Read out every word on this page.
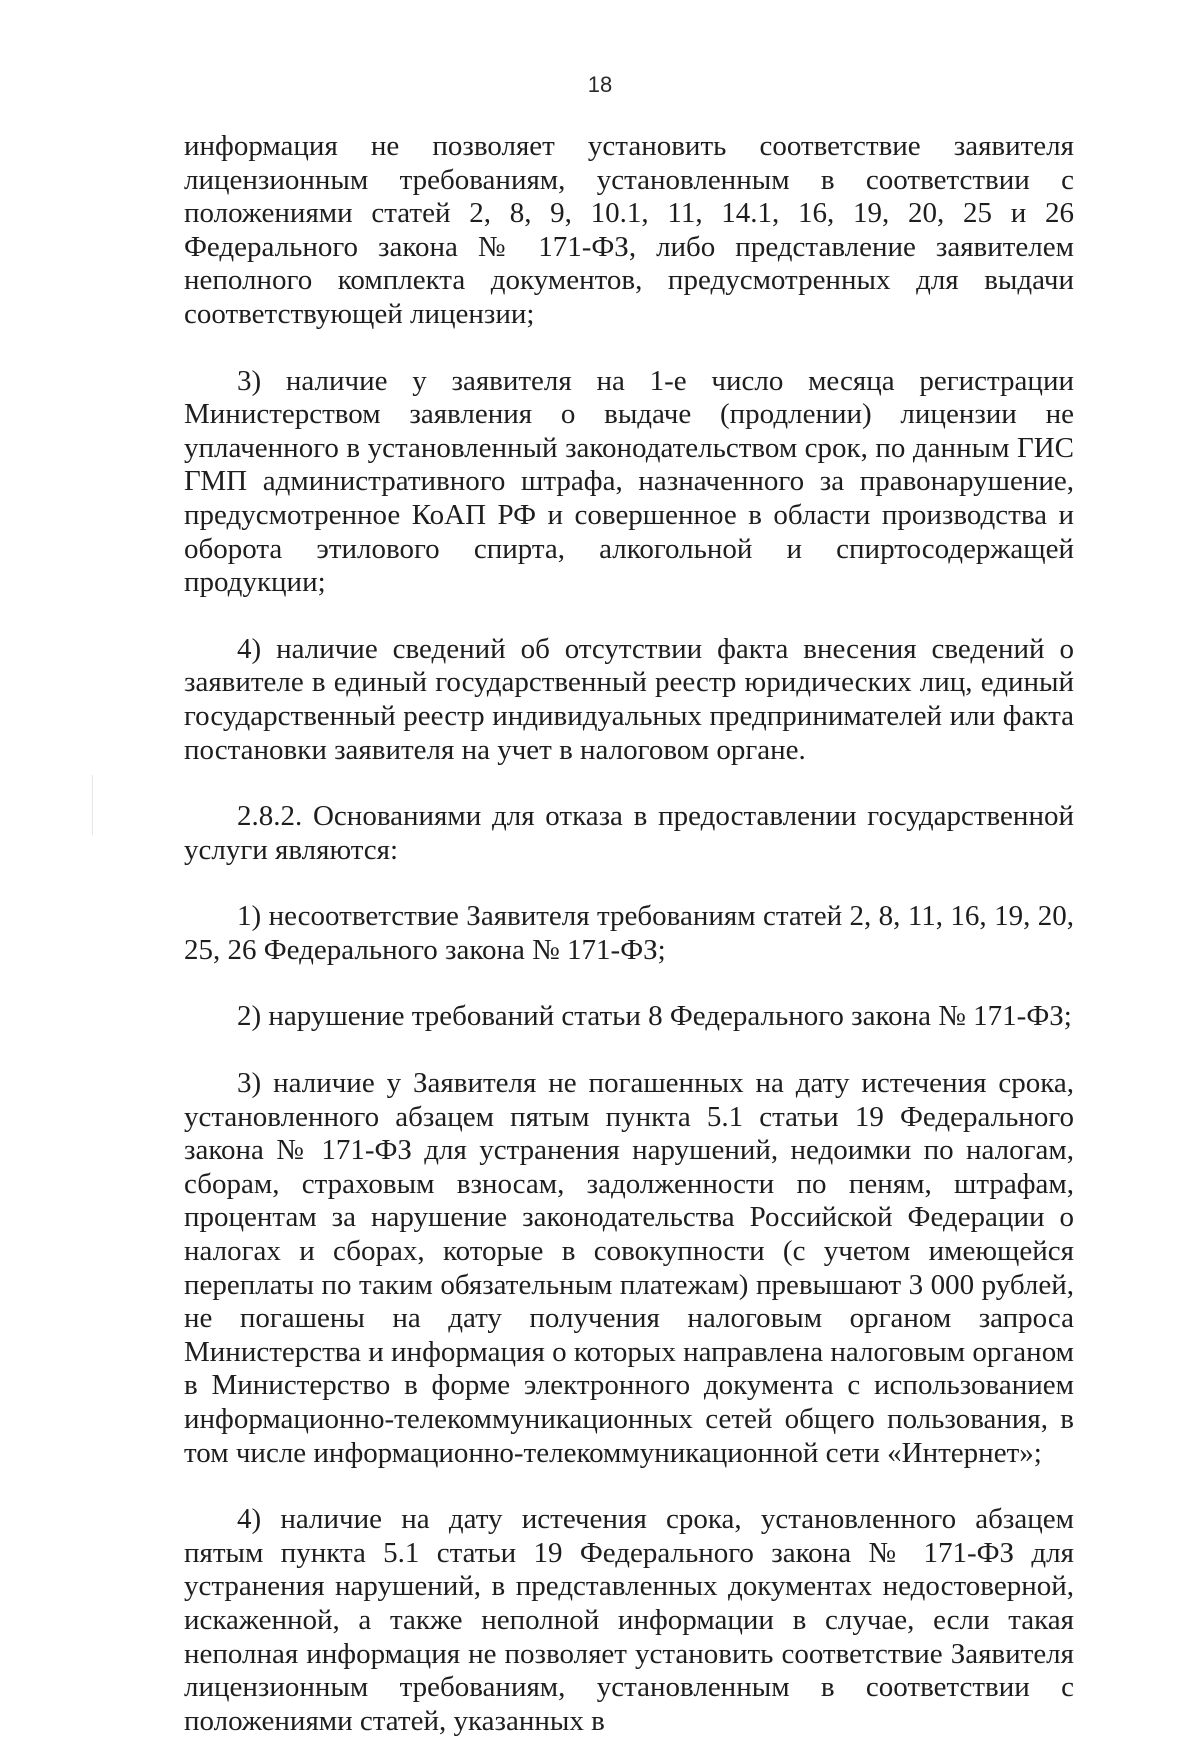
18

информация не позволяет установить соответствие заявителя лицензионным требованиям, установленным в соответствии с положениями статей 2, 8, 9, 10.1, 11, 14.1, 16, 19, 20, 25 и 26 Федерального закона № 171-ФЗ, либо представление заявителем неполного комплекта документов, предусмотренных для выдачи соответствующей лицензии;

3) наличие у заявителя на 1-е число месяца регистрации Министерством заявления о выдаче (продлении) лицензии не уплаченного в установленный законодательством срок, по данным ГИС ГМП административного штрафа, назначенного за правонарушение, предусмотренное КоАП РФ и совершенное в области производства и оборота этилового спирта, алкогольной и спиртосодержащей продукции;

4) наличие сведений об отсутствии факта внесения сведений о заявителе в единый государственный реестр юридических лиц, единый государственный реестр индивидуальных предпринимателей или факта постановки заявителя на учет в налоговом органе.

2.8.2. Основаниями для отказа в предоставлении государственной услуги являются:

1) несоответствие Заявителя требованиям статей 2, 8, 11, 16, 19, 20, 25, 26 Федерального закона № 171-ФЗ;

2) нарушение требований статьи 8 Федерального закона № 171-ФЗ;

3) наличие у Заявителя не погашенных на дату истечения срока, установленного абзацем пятым пункта 5.1 статьи 19 Федерального закона № 171-ФЗ для устранения нарушений, недоимки по налогам, сборам, страховым взносам, задолженности по пеням, штрафам, процентам за нарушение законодательства Российской Федерации о налогах и сборах, которые в совокупности (с учетом имеющейся переплаты по таким обязательным платежам) превышают 3 000 рублей, не погашены на дату получения налоговым органом запроса Министерства и информация о которых направлена налоговым органом в Министерство в форме электронного документа с использованием информационно-телекоммуникационных сетей общего пользования, в том числе информационно-телекоммуникационной сети «Интернет»;

4) наличие на дату истечения срока, установленного абзацем пятым пункта 5.1 статьи 19 Федерального закона № 171-ФЗ для устранения нарушений, в представленных документах недостоверной, искаженной, а также неполной информации в случае, если такая неполная информация не позволяет установить соответствие Заявителя лицензионным требованиям, установленным в соответствии с положениями статей, указанных в
